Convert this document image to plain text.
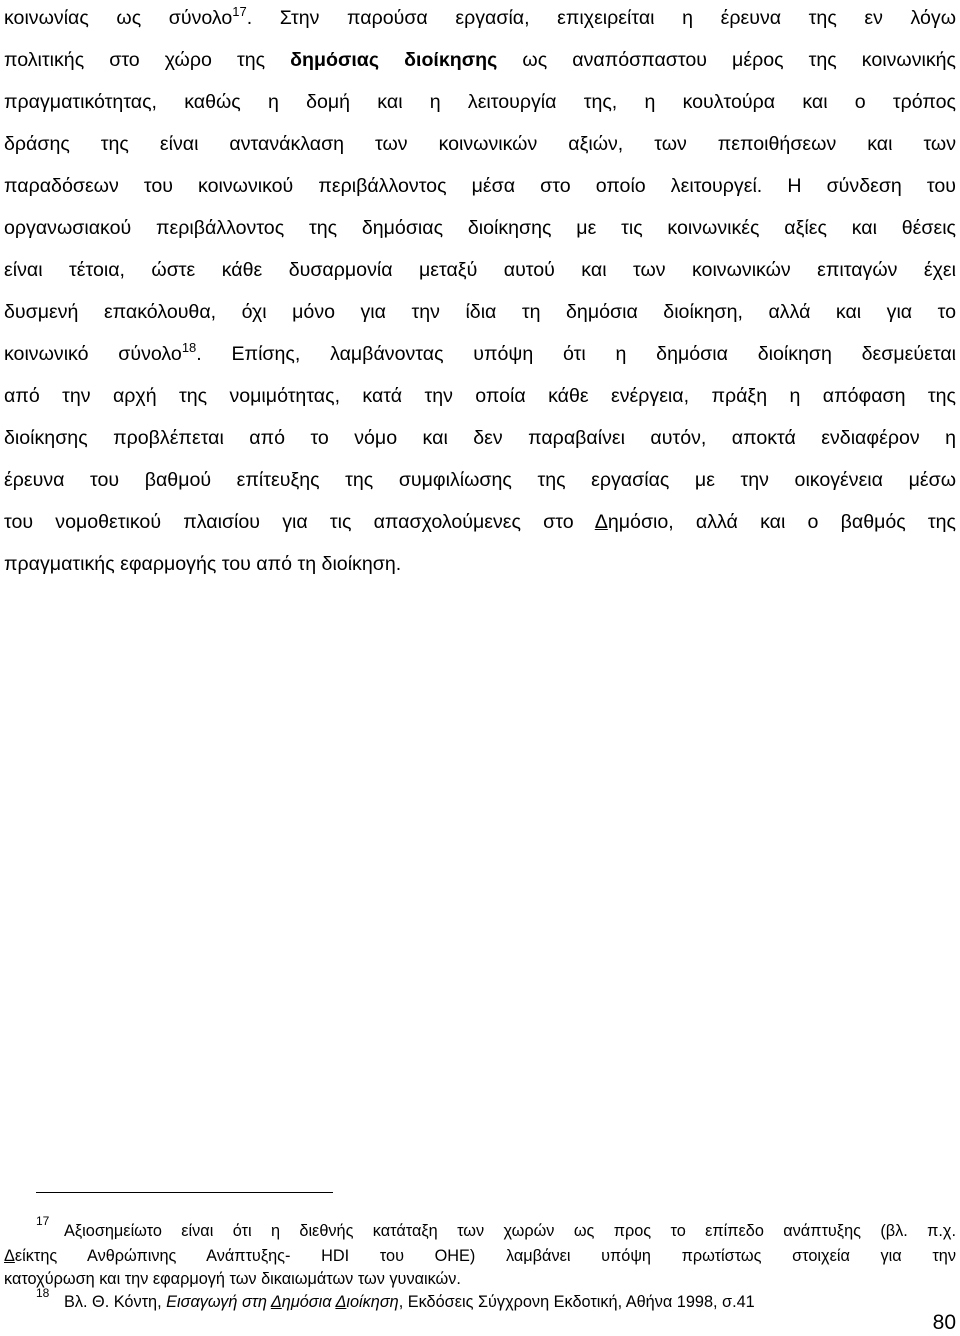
κοινωνίας ως σύνολο$^{17}$. Στην παρούσα εργασία, επιχειρείται η έρευνα της εν λόγω
πολιτικής στο χώρο της δημόσιας διοίκησης ως αναπόσπαστου μέρος της κοινωνικής
πραγματικότητας, καθώς η δομή και η λειτουργία της, η κουλτούρα και ο τρόπος
δράσης της είναι αντανάκλαση των κοινωνικών αξιών, των πεποιθήσεων και των
παραδόσεων του κοινωνικού περιβάλλοντος μέσα στο οποίο λειτουργεί. Η σύνδεση του
οργανωσιακού περιβάλλοντος της δημόσιας διοίκησης με τις κοινωνικές αξίες και θέσεις
είναι τέτοια, ώστε κάθε δυσαρμονία μεταξύ αυτού και των κοινωνικών επιταγών έχει
δυσμενή επακόλουθα, όχι μόνο για την ίδια τη δημόσια διοίκηση, αλλά και για το
κοινωνικό σύνολο$^{18}$. Επίσης, λαμβάνοντας υπόψη ότι η δημόσια διοίκηση δεσμεύεται
από την αρχή της νομιμότητας, κατά την οποία κάθε ενέργεια, πράξη η απόφαση της
διοίκησης προβλέπεται από το νόμο και δεν παραβαίνει αυτόν, αποκτά ενδιαφέρον η
έρευνα του βαθμού επίτευξης της συμφιλίωσης της εργασίας με την οικογένεια μέσω
του νομοθετικού πλαισίου για τις απασχολούμενες στο Δημόσιο, αλλά και ο βαθμός της
πραγματικής εφαρμογής του από τη διοίκηση.
17
Αξιοσημείωτο είναι ότι η διεθνής κατάταξη των χωρών ως προς το επίπεδο ανάπτυξης (βλ. π.χ.
Δείκτης Ανθρώπινης Ανάπτυξης- HDI του ΟΗΕ) λαμβάνει υπόψη πρωτίστως στοιχεία για την
κατοχύρωση και την εφαρμογή των δικαιωμάτων των γυναικών.
18 Βλ. Θ. Κόντη, Εισαγωγή στη Δημόσια Διοίκηση, Εκδόσεις Σύγχρονη Εκδοτική, Αθήνα 1998, σ.41
80
